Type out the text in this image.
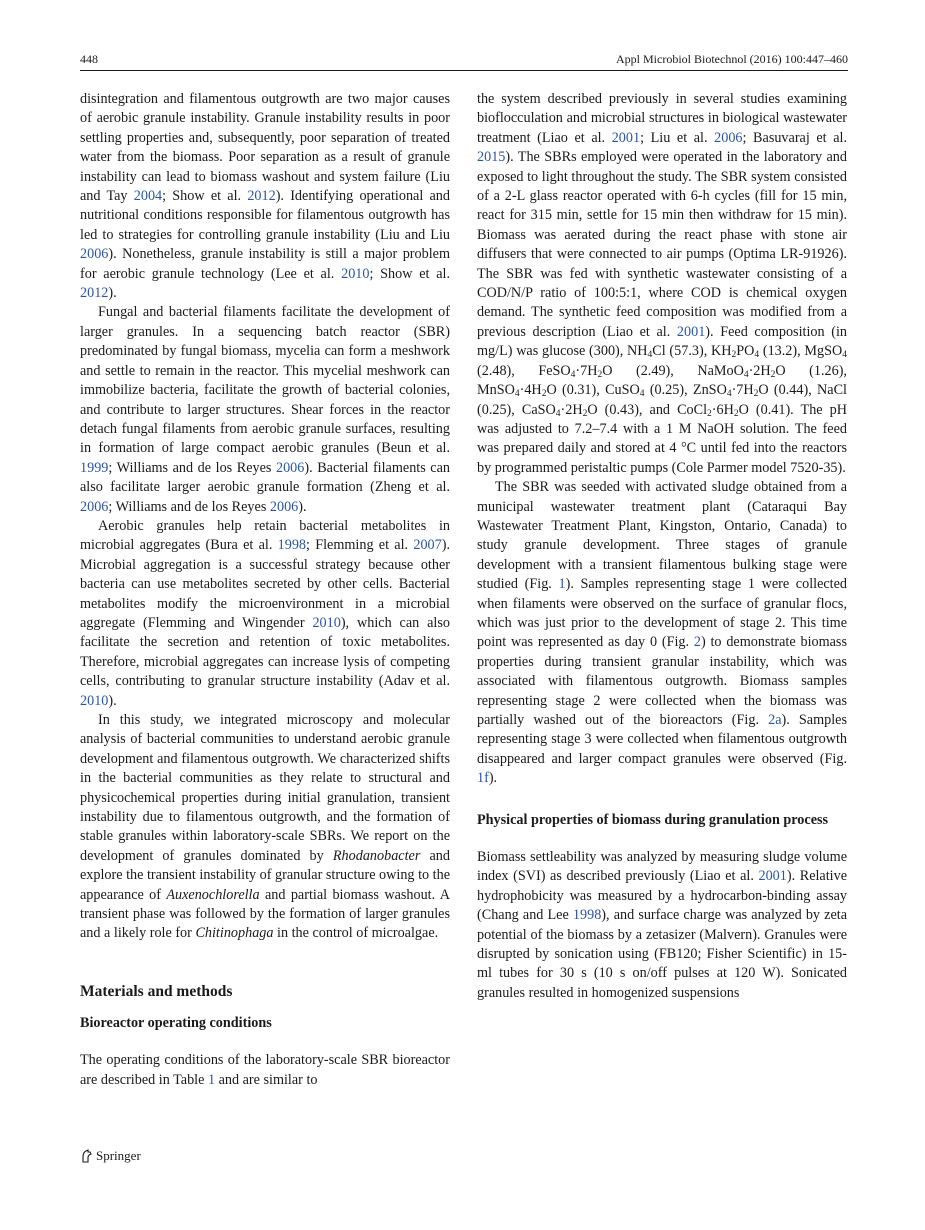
448	Appl Microbiol Biotechnol (2016) 100:447–460

disintegration and filamentous outgrowth are two major causes of aerobic granule instability. Granule instability results in poor settling properties and, subsequently, poor separation of treated water from the biomass. Poor separation as a result of granule instability can lead to biomass washout and system failure (Liu and Tay 2004; Show et al. 2012). Identifying operational and nutritional conditions responsible for filamentous outgrowth has led to strategies for controlling granule instability (Liu and Liu 2006). Nonetheless, granule instability is still a major problem for aerobic granule technology (Lee et al. 2010; Show et al. 2012).

Fungal and bacterial filaments facilitate the development of larger granules. In a sequencing batch reactor (SBR) predominated by fungal biomass, mycelia can form a meshwork and settle to remain in the reactor. This mycelial meshwork can immobilize bacteria, facilitate the growth of bacterial colonies, and contribute to larger structures. Shear forces in the reactor detach fungal filaments from aerobic granule surfaces, resulting in formation of large compact aerobic granules (Beun et al. 1999; Williams and de los Reyes 2006). Bacterial filaments can also facilitate larger aerobic granule formation (Zheng et al. 2006; Williams and de los Reyes 2006).

Aerobic granules help retain bacterial metabolites in microbial aggregates (Bura et al. 1998; Flemming et al. 2007). Microbial aggregation is a successful strategy because other bacteria can use metabolites secreted by other cells. Bacterial metabolites modify the microenvironment in a microbial aggregate (Flemming and Wingender 2010), which can also facilitate the secretion and retention of toxic metabolites. Therefore, microbial aggregates can increase lysis of competing cells, contributing to granular structure instability (Adav et al. 2010).

In this study, we integrated microscopy and molecular analysis of bacterial communities to understand aerobic granule development and filamentous outgrowth. We characterized shifts in the bacterial communities as they relate to structural and physicochemical properties during initial granulation, transient instability due to filamentous outgrowth, and the formation of stable granules within laboratory-scale SBRs. We report on the development of granules dominated by Rhodanobacter and explore the transient instability of granular structure owing to the appearance of Auxenochlorella and partial biomass washout. A transient phase was followed by the formation of larger granules and a likely role for Chitinophaga in the control of microalgae.

Materials and methods
Bioreactor operating conditions

The operating conditions of the laboratory-scale SBR bioreactor are described in Table 1 and are similar to

the system described previously in several studies examining bioflocculation and microbial structures in biological wastewater treatment (Liao et al. 2001; Liu et al. 2006; Basuvaraj et al. 2015). The SBRs employed were operated in the laboratory and exposed to light throughout the study. The SBR system consisted of a 2-L glass reactor operated with 6-h cycles (fill for 15 min, react for 315 min, settle for 15 min then withdraw for 15 min). Biomass was aerated during the react phase with stone air diffusers that were connected to air pumps (Optima LR-91926). The SBR was fed with synthetic wastewater consisting of a COD/N/P ratio of 100:5:1, where COD is chemical oxygen demand. The synthetic feed composition was modified from a previous description (Liao et al. 2001). Feed composition (in mg/L) was glucose (300), $NH_4Cl$ (57.3), $KH_2PO_4$ (13.2), MgSO$_4$ (2.48), $FeSO_4\cdot 7H_2O$ (2.49), $NaMoO_4\cdot 2H_2O$ (1.26), $MnSO_4\cdot 4H_2O$ (0.31), CuSO$_4$ (0.25), $ZnSO_4\cdot 7H_2O$ (0.44), NaCl (0.25), $CaSO_4\cdot 2H_2O$ (0.43), and $CoCl_2\cdot 6H_2O$ (0.41). The pH was adjusted to 7.2–7.4 with a 1 M NaOH solution. The feed was prepared daily and stored at 4 °C until fed into the reactors by programmed peristaltic pumps (Cole Parmer model 7520-35).

The SBR was seeded with activated sludge obtained from a municipal wastewater treatment plant (Cataraqui Bay Wastewater Treatment Plant, Kingston, Ontario, Canada) to study granule development. Three stages of granule development with a transient filamentous bulking stage were studied (Fig. 1). Samples representing stage 1 were collected when filaments were observed on the surface of granular flocs, which was just prior to the development of stage 2. This time point was represented as day 0 (Fig. 2) to demonstrate biomass properties during transient granular instability, which was associated with filamentous outgrowth. Biomass samples representing stage 2 were collected when the biomass was partially washed out of the bioreactors (Fig. 2a). Samples representing stage 3 were collected when filamentous outgrowth disappeared and larger compact granules were observed (Fig. 1f).

Physical properties of biomass during granulation process

Biomass settleability was analyzed by measuring sludge volume index (SVI) as described previously (Liao et al. 2001). Relative hydrophobicity was measured by a hydrocarbon-binding assay (Chang and Lee 1998), and surface charge was analyzed by zeta potential of the biomass by a zetasizer (Malvern). Granules were disrupted by sonication using (FB120; Fisher Scientific) in 15-ml tubes for 30 s (10 s on/off pulses at 120 W). Sonicated granules resulted in homogenized suspensions

Springer
